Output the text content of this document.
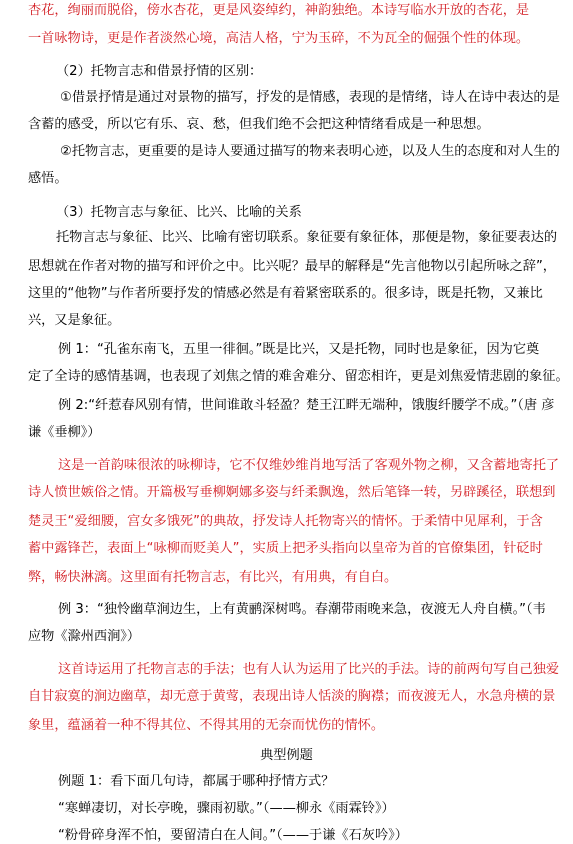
杏花，绚丽而脱俗，傍水杏花，更是风姿绰约，神韵独绝。本诗写临水开放的杏花，是
一首咏物诗，更是作者淡然心境，高洁人格，宁为玉碎，不为瓦全的倔强个性的体现。
（2）托物言志和借景抒情的区别：
①借景抒情是通过对景物的描写，抒发的是情感，表现的是情绪，诗人在诗中表达的是
含蓄的感受，所以它有乐、哀、愁，但我们绝不会把这种情绪看成是一种思想。
②托物言志，更重要的是诗人要通过描写的物来表明心迹，以及人生的态度和对人生的
感悟。
（3）托物言志与象征、比兴、比喻的关系
托物言志与象征、比兴、比喻有密切联系。象征要有象征体，那便是物，象征要表达的
思想就在作者对物的描写和评价之中。比兴呢？最早的解释是“先言他物以引起所咏之辞”，
这里的“他物”与作者所要抒发的情感必然是有着紧密联系的。很多诗，既是托物，又兼比
兴，又是象征。
例 1：“孔雀东南飞，五里一徘徊。”既是比兴，又是托物，同时也是象征，因为它奠
定了全诗的感情基调，也表现了刘焦之情的难舍难分、留恋相许，更是刘焦爱情悲剧的象征。
例 2:“纤惹春风别有情，世间谁敢斗轻盈？楚王江畔无端种，饿腹纤腰学不成。”（唐 彦
谦《垂柳》）
这是一首韵味很浓的咏柳诗，它不仅维妙维肖地写活了客观外物之柳，又含蓄地寄托了
诗人愤世嫉俗之情。开篇极写垂柳婀娜多姿与纤柔飘逸，然后笔锋一转，另辟蹊径，联想到
楚灵王“爱细腰，宫女多饿死”的典故，抒发诗人托物寄兴的情怀。于柔情中见犀利，于含
蓄中露锋芒，表面上“咏柳而贬美人”，实质上把矛头指向以皇帝为首的官僚集团，针砭时
弊，畅快淋漓。这里面有托物言志，有比兴，有用典，有自白。
例 3：“独怜幽草涧边生，上有黄鹂深树鸣。春潮带雨晚来急，夜渡无人舟自横。”（韦
应物《滁州西涧》）
这首诗运用了托物言志的手法；也有人认为运用了比兴的手法。诗的前两句写自己独爱
自甘寂寞的涧边幽草，却无意于黄莺，表现出诗人恬淡的胸襟；而夜渡无人，水急舟横的景
象里，蕴涵着一种不得其位、不得其用的无奈而忧伤的情怀。
典型例题
例题 1：看下面几句诗，都属于哪种抒情方式？
“寒蝉凄切，对长亭晚，骤雨初歇。”（——柳永《雨霖铃》）
“粉骨碎身浑不怕，要留清白在人间。”（——于谦《石灰吟》）
